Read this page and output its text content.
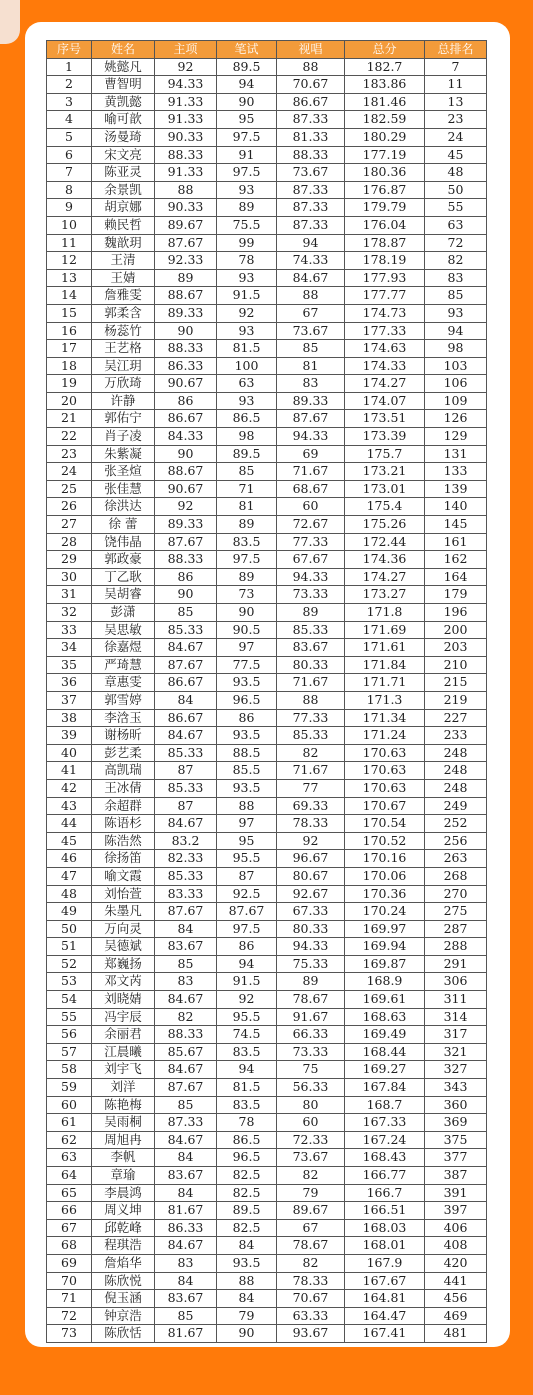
序号	姓名	主项	笔试	视唱	总分	总排名
1	姚懿凡	92	89.5	88	182.7	7
2	曹智明	94.33	94	70.67	183.86	11
3	黄凯懿	91.33	90	86.67	181.46	13
4	喻可歆	91.33	95	87.33	182.59	23
5	汤曼琦	90.33	97.5	81.33	180.29	24
6	宋文亮	88.33	91	88.33	177.19	45
7	陈亚灵	91.33	97.5	73.67	180.36	48
8	余景凯	88	93	87.33	176.87	50
9	胡京娜	90.33	89	87.33	179.79	55
10	赖民哲	89.67	75.5	87.33	176.04	63
11	魏歆玥	87.67	99	94	178.87	72
12	王清	92.33	78	74.33	178.19	82
13	王婧	89	93	84.67	177.93	83
14	詹雅雯	88.67	91.5	88	177.77	85
15	郭柔含	89.33	92	67	174.73	93
16	杨蕊竹	90	93	73.67	177.33	94
17	王艺格	88.33	81.5	85	174.63	98
18	吴江玥	86.33	100	81	174.33	103
19	万欣琦	90.67	63	83	174.27	106
20	许静	86	93	89.33	174.07	109
21	郭佑宁	86.67	86.5	87.67	173.51	126
22	肖子凌	84.33	98	94.33	173.39	129
23	朱紫凝	90	89.5	69	175.7	131
24	张圣煊	88.67	85	71.67	173.21	133
25	张佳慧	90.67	71	68.67	173.01	139
26	徐洪达	92	81	60	175.4	140
27	徐 蕾	89.33	89	72.67	175.26	145
28	饶伟晶	87.67	83.5	77.33	172.44	161
29	郭政豪	88.33	97.5	67.67	174.36	162
30	丁乙耿	86	89	94.33	174.27	164
31	吴胡睿	90	73	73.33	173.27	179
32	彭潇	85	90	89	171.8	196
33	吴思敏	85.33	90.5	85.33	171.69	200
34	徐嘉煜	84.67	97	83.67	171.61	203
35	严琦慧	87.67	77.5	80.33	171.84	210
36	章惠雯	86.67	93.5	71.67	171.71	215
37	郭雪婷	84	96.5	88	171.3	219
38	李浛玉	86.67	86	77.33	171.34	227
39	谢杨昕	84.67	93.5	85.33	171.24	233
40	彭艺柔	85.33	88.5	82	170.63	248
41	高凯瑞	87	85.5	71.67	170.63	248
42	王冰倩	85.33	93.5	77	170.63	248
43	余超群	87	88	69.33	170.67	249
44	陈语杉	84.67	97	78.33	170.54	252
45	陈浩然	83.2	95	92	170.52	256
46	徐扬笛	82.33	95.5	96.67	170.16	263
47	喻文霞	85.33	87	80.67	170.06	268
48	刘怡萱	83.33	92.5	92.67	170.36	270
49	朱墨凡	87.67	87.67	67.33	170.24	275
50	万向灵	84	97.5	80.33	169.97	287
51	吴德斌	83.67	86	94.33	169.94	288
52	郑巍扬	85	94	75.33	169.87	291
53	邓文芮	83	91.5	89	168.9	306
54	刘晓婧	84.67	92	78.67	169.61	311
55	冯宇辰	82	95.5	91.67	168.63	314
56	余丽君	88.33	74.5	66.33	169.49	317
57	江晨曦	85.67	83.5	73.33	168.44	321
58	刘宇飞	84.67	94	75	169.27	327
59	刘洋	87.67	81.5	56.33	167.84	343
60	陈艳梅	85	83.5	80	168.7	360
61	吴雨桐	87.33	78	60	167.33	369
62	周旭冉	84.67	86.5	72.33	167.24	375
63	李帆	84	96.5	73.67	168.43	377
64	章瑜	83.67	82.5	82	166.77	387
65	李晨鸿	84	82.5	79	166.7	391
66	周义坤	81.67	89.5	89.67	166.51	397
67	邱乾峰	86.33	82.5	67	168.03	406
68	程琪浩	84.67	84	78.67	168.01	408
69	詹焰华	83	93.5	82	167.9	420
70	陈欣悦	84	88	78.33	167.67	441
71	倪玉涵	83.67	84	70.67	164.81	456
72	钟京浩	85	79	63.33	164.47	469
73	陈欣恬	81.67	90	93.67	167.41	481
